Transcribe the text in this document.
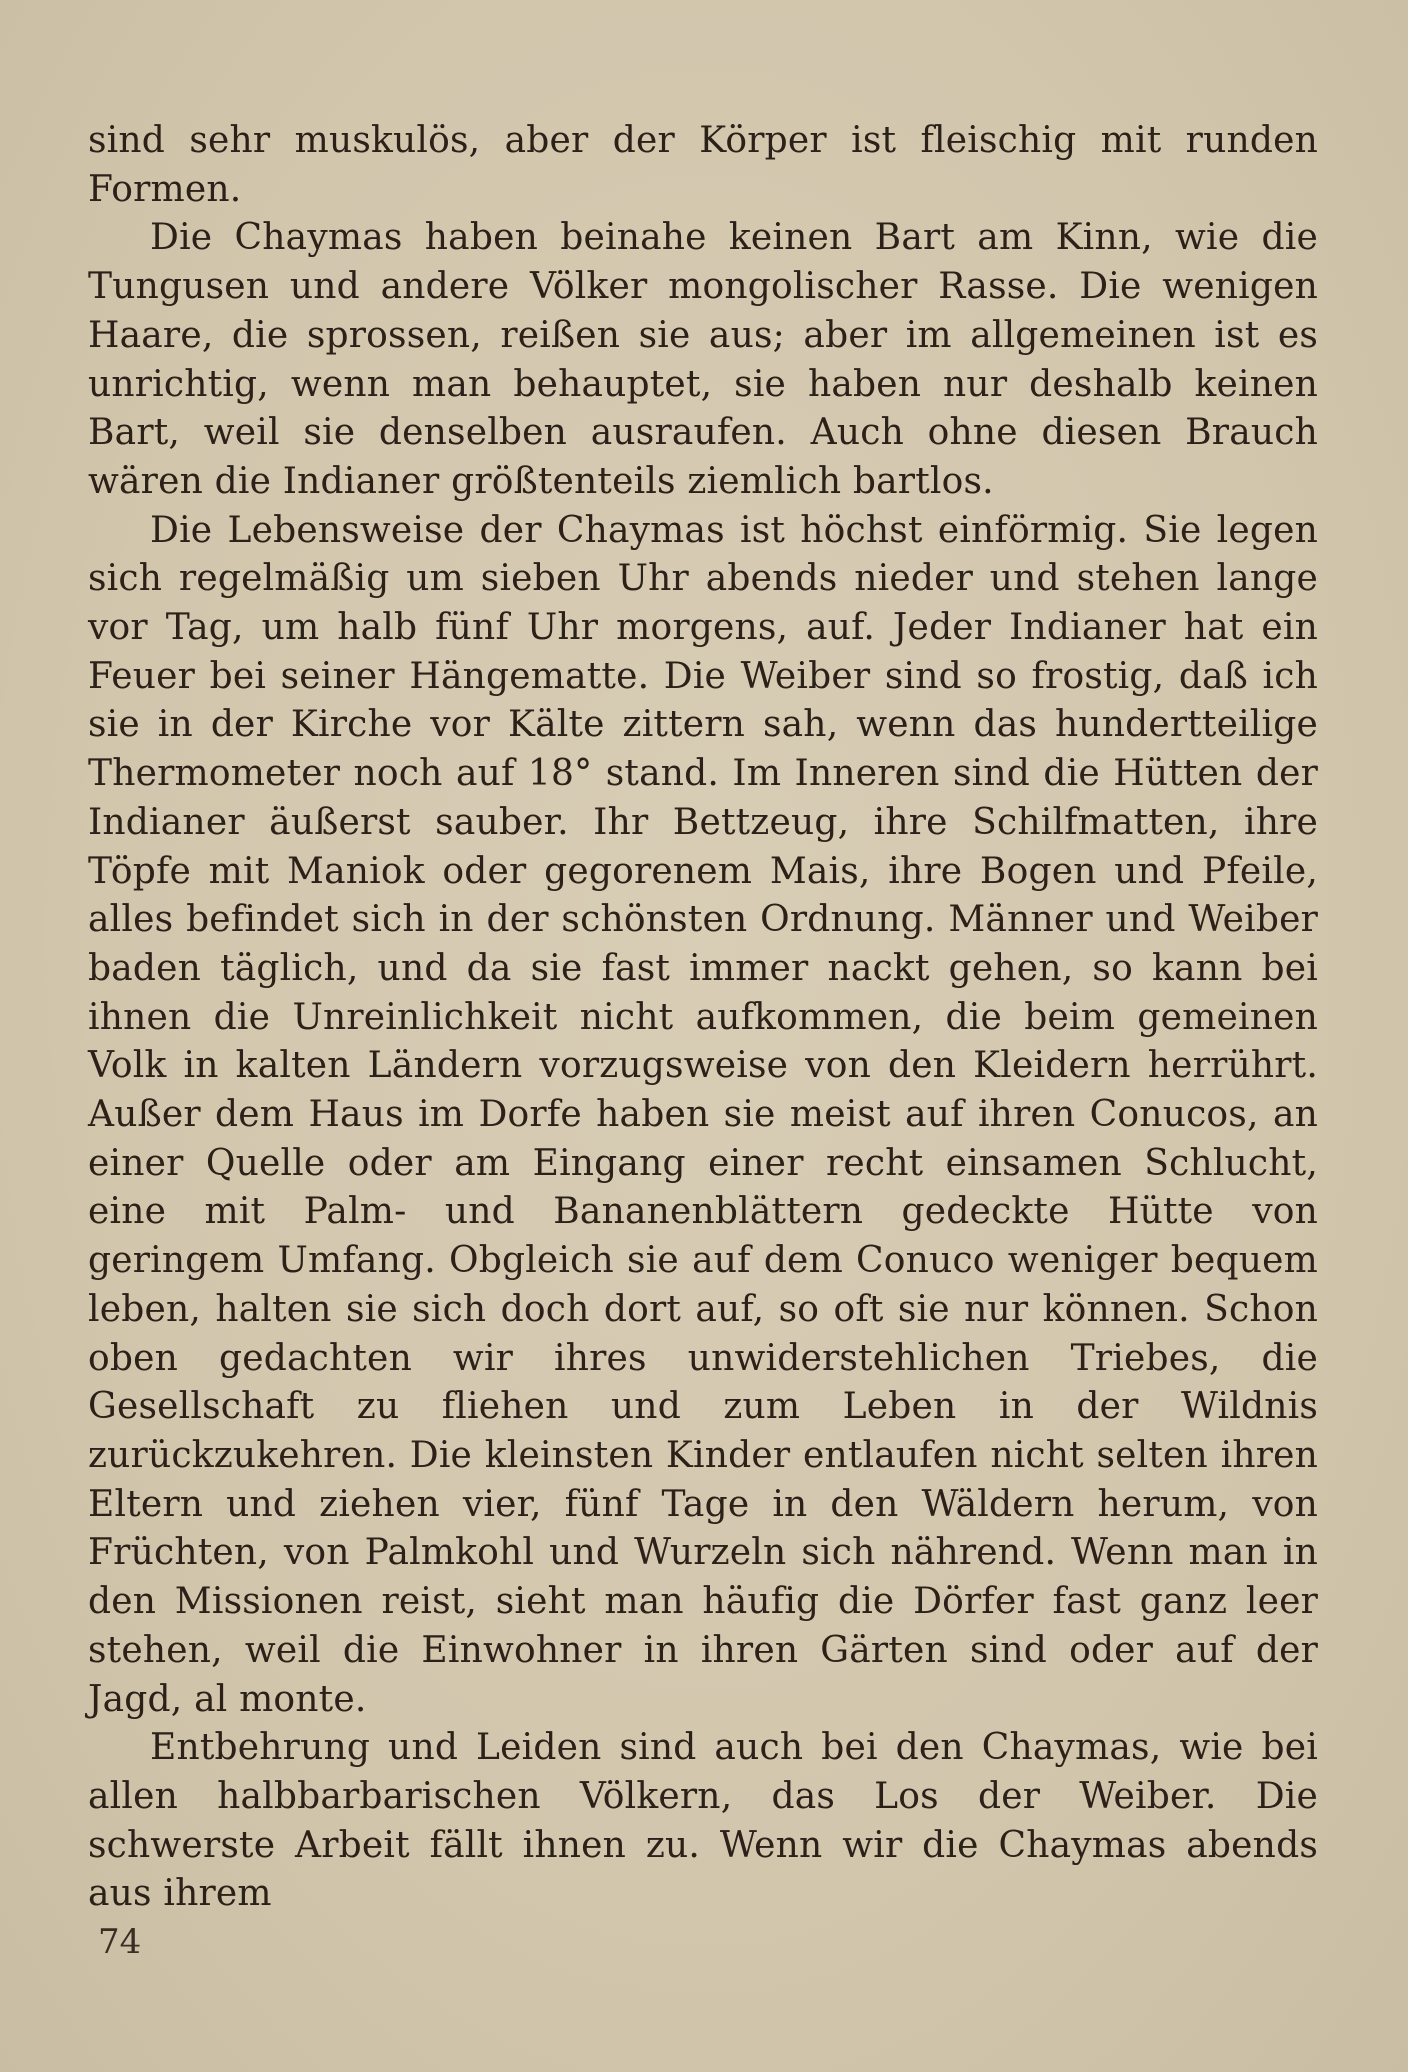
sind sehr muskulös, aber der Körper ist fleischig mit runden Formen.

Die Chaymas haben beinahe keinen Bart am Kinn, wie die Tungusen und andere Völker mongolischer Rasse. Die wenigen Haare, die sprossen, reißen sie aus; aber im allgemeinen ist es unrichtig, wenn man behauptet, sie haben nur deshalb keinen Bart, weil sie denselben ausraufen. Auch ohne diesen Brauch wären die Indianer größtenteils ziemlich bartlos.

Die Lebensweise der Chaymas ist höchst einförmig. Sie legen sich regelmäßig um sieben Uhr abends nieder und stehen lange vor Tag, um halb fünf Uhr morgens, auf. Jeder Indianer hat ein Feuer bei seiner Hängematte. Die Weiber sind so frostig, daß ich sie in der Kirche vor Kälte zittern sah, wenn das hundertteilige Thermometer noch auf 18° stand. Im Inneren sind die Hütten der Indianer äußerst sauber. Ihr Bettzeug, ihre Schilfmatten, ihre Töpfe mit Maniok oder gegorenem Mais, ihre Bogen und Pfeile, alles befindet sich in der schönsten Ordnung. Männer und Weiber baden täglich, und da sie fast immer nackt gehen, so kann bei ihnen die Unreinlichkeit nicht aufkommen, die beim gemeinen Volk in kalten Ländern vorzugsweise von den Kleidern herrührt. Außer dem Haus im Dorfe haben sie meist auf ihren Conucos, an einer Quelle oder am Eingang einer recht einsamen Schlucht, eine mit Palm- und Bananenblättern gedeckte Hütte von geringem Umfang. Obgleich sie auf dem Conuco weniger bequem leben, halten sie sich doch dort auf, so oft sie nur können. Schon oben gedachten wir ihres unwiderstehlichen Triebes, die Gesellschaft zu fliehen und zum Leben in der Wildnis zurückzukehren. Die kleinsten Kinder entlaufen nicht selten ihren Eltern und ziehen vier, fünf Tage in den Wäldern herum, von Früchten, von Palmkohl und Wurzeln sich nährend. Wenn man in den Missionen reist, sieht man häufig die Dörfer fast ganz leer stehen, weil die Einwohner in ihren Gärten sind oder auf der Jagd, al monte.

Entbehrung und Leiden sind auch bei den Chaymas, wie bei allen halbbarbarischen Völkern, das Los der Weiber. Die schwerste Arbeit fällt ihnen zu. Wenn wir die Chaymas abends aus ihrem

74
